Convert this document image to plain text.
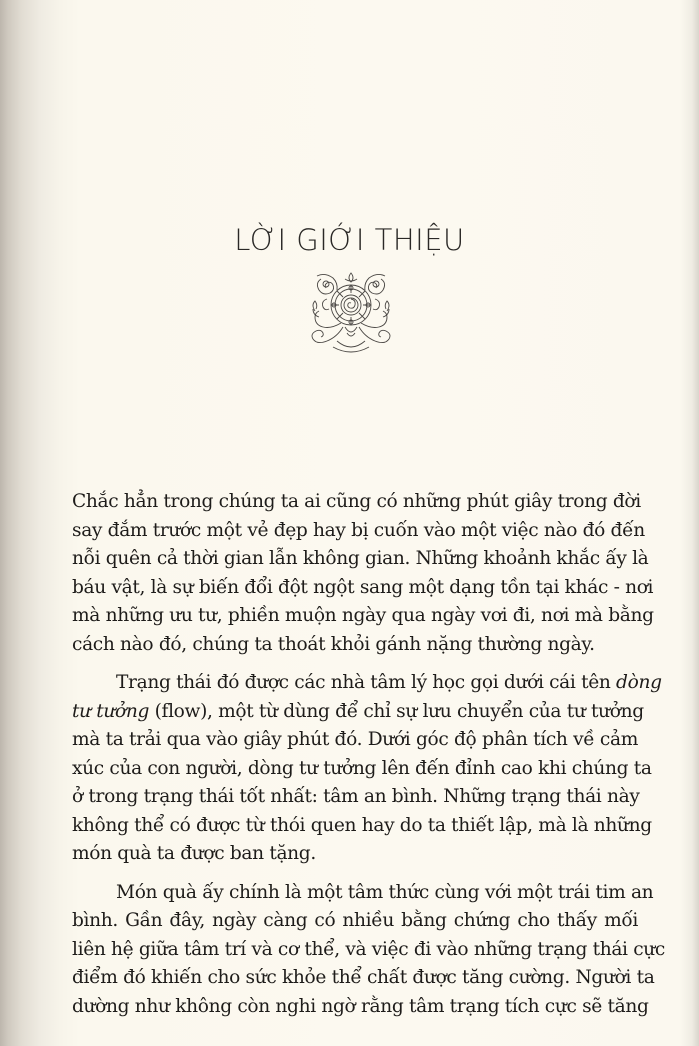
LỜI GIỚI THIỆU
Chắc hẳn trong chúng ta ai cũng có những phút giây trong đời
say đắm trước một vẻ đẹp hay bị cuốn vào một việc nào đó đến
nỗi quên cả thời gian lẫn không gian. Những khoảnh khắc ấy là
báu vật, là sự biến đổi đột ngột sang một dạng tồn tại khác - nơi
mà những ưu tư, phiền muộn ngày qua ngày vơi đi, nơi mà bằng
cách nào đó, chúng ta thoát khỏi gánh nặng thường ngày.
Trạng thái đó được các nhà tâm lý học gọi dưới cái tên dòng
tư tưởng (flow), một từ dùng để chỉ sự lưu chuyển của tư tưởng
mà ta trải qua vào giây phút đó. Dưới góc độ phân tích về cảm
xúc của con người, dòng tư tưởng lên đến đỉnh cao khi chúng ta
ở trong trạng thái tốt nhất: tâm an bình. Những trạng thái này
không thể có được từ thói quen hay do ta thiết lập, mà là những
món quà ta được ban tặng.
Món quà ấy chính là một tâm thức cùng với một trái tim an
bình. Gần đây, ngày càng có nhiều bằng chứng cho thấy mối
liên hệ giữa tâm trí và cơ thể, và việc đi vào những trạng thái cực
điểm đó khiến cho sức khỏe thể chất được tăng cường. Người ta
dường như không còn nghi ngờ rằng tâm trạng tích cực sẽ tăng
